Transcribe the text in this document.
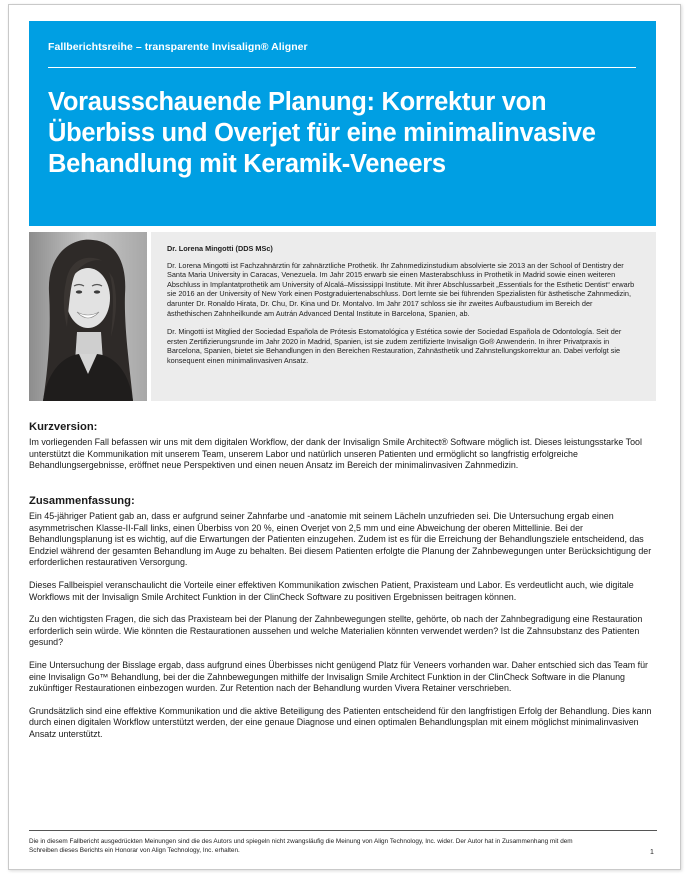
Fallberichtsreihe – transparente Invisalign® Aligner
Vorausschauende Planung: Korrektur von Überbiss und Overjet für eine minimalinvasive Behandlung mit Keramik-Veneers

Dr. Lorena Mingotti (DDS MSc)

Dr. Lorena Mingotti ist Fachzahnärztin für zahnärztliche Prothetik. Ihr Zahnmedizinstudium absolvierte sie 2013 an der School of Dentistry der Santa Maria University in Caracas, Venezuela. Im Jahr 2015 erwarb sie einen Masterabschluss in Prothetik in Madrid sowie einen weiteren Abschluss in Implantatprothetik am University of Alcalá–Mississippi Institute. Mit ihrer Abschlussarbeit „Essentials for the Esthetic Dentist“ erwarb sie 2016 an der University of New York einen Postgraduiertenabschluss. Dort lernte sie bei führenden Spezialisten für ästhetische Zahnmedizin, darunter Dr. Ronaldo Hirata, Dr. Chu, Dr. Kina und Dr. Montalvo. Im Jahr 2017 schloss sie ihr zweites Aufbaustudium im Bereich der ästhethischen Zahnheilkunde am Autrán Advanced Dental Institute in Barcelona, Spanien, ab.

Dr. Mingotti ist Mitglied der Sociedad Española de Prótesis Estomatológica y Estética sowie der Sociedad Española de Odontología. Seit der ersten Zertifizierungsrunde im Jahr 2020 in Madrid, Spanien, ist sie zudem zertifizierte Invisalign Go® Anwenderin. In ihrer Privatpraxis in Barcelona, Spanien, bietet sie Behandlungen in den Bereichen Restauration, Zahnästhetik und Zahnstellungskorrektur an. Dabei verfolgt sie konsequent einen minimalinvasiven Ansatz.

Kurzversion:

Im vorliegenden Fall befassen wir uns mit dem digitalen Workflow, der dank der Invisalign Smile Architect® Software möglich ist. Dieses leistungsstarke Tool unterstützt die Kommunikation mit unserem Team, unserem Labor und natürlich unseren Patienten und ermöglicht so langfristig erfolgreiche Behandlungsergebnisse, eröffnet neue Perspektiven und einen neuen Ansatz im Bereich der minimalinvasiven Zahnmedizin.

Zusammenfassung:

Ein 45-jähriger Patient gab an, dass er aufgrund seiner Zahnfarbe und -anatomie mit seinem Lächeln unzufrieden sei. Die Untersuchung ergab einen asymmetrischen Klasse-II-Fall links, einen Überbiss von 20 %, einen Overjet von 2,5 mm und eine Abweichung der oberen Mittellinie. Bei der Behandlungsplanung ist es wichtig, auf die Erwartungen der Patienten einzugehen. Zudem ist es für die Erreichung der Behandlungsziele entscheidend, das Endziel während der gesamten Behandlung im Auge zu behalten. Bei diesem Patienten erfolgte die Planung der Zahnbewegungen unter Berücksichtigung der erforderlichen restaurativen Versorgung.

Dieses Fallbeispiel veranschaulicht die Vorteile einer effektiven Kommunikation zwischen Patient, Praxisteam und Labor. Es verdeutlicht auch, wie digitale Workflows mit der Invisalign Smile Architect Funktion in der ClinCheck Software zu positiven Ergebnissen beitragen können.

Zu den wichtigsten Fragen, die sich das Praxisteam bei der Planung der Zahnbewegungen stellte, gehörte, ob nach der Zahnbegradigung eine Restauration erforderlich sein würde. Wie könnten die Restaurationen aussehen und welche Materialien könnten verwendet werden? Ist die Zahnsubstanz des Patienten gesund?

Eine Untersuchung der Bisslage ergab, dass aufgrund eines Überbisses nicht genügend Platz für Veneers vorhanden war. Daher entschied sich das Team für eine Invisalign Go™ Behandlung, bei der die Zahnbewegungen mithilfe der Invisalign Smile Architect Funktion in der ClinCheck Software in die Planung zukünftiger Restaurationen einbezogen wurden. Zur Retention nach der Behandlung wurden Vivera Retainer verschrieben.

Grundsätzlich sind eine effektive Kommunikation und die aktive Beteiligung des Patienten entscheidend für den langfristigen Erfolg der Behandlung. Dies kann durch einen digitalen Workflow unterstützt werden, der eine genaue Diagnose und einen optimalen Behandlungsplan mit einem möglichst minimalinvasiven Ansatz unterstützt.

Die in diesem Fallbericht ausgedrückten Meinungen sind die des Autors und spiegeln nicht zwangsläufig die Meinung von Align Technology, Inc. wider. Der Autor hat in Zusammenhang mit dem Schreiben dieses Berichts ein Honorar von Align Technology, Inc. erhalten.	1
